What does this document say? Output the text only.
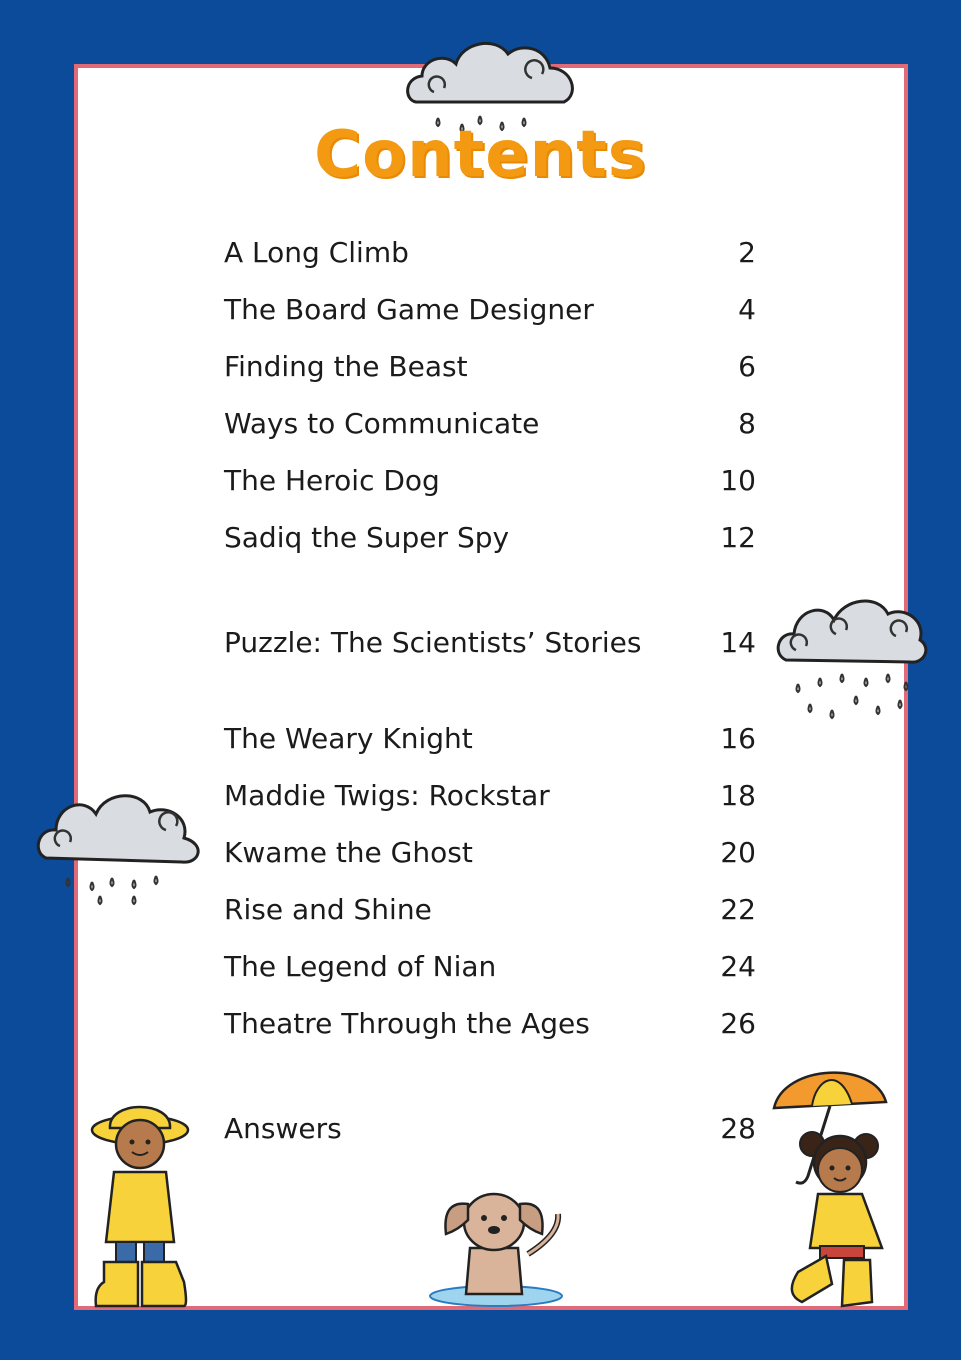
Contents
A Long Climb	2
The Board Game Designer	4
Finding the Beast	6
Ways to Communicate	8
The Heroic Dog	10
Sadiq the Super Spy	12
Puzzle: The Scientists’ Stories	14
The Weary Knight	16
Maddie Twigs: Rockstar	18
Kwame the Ghost	20
Rise and Shine	22
The Legend of Nian	24
Theatre Through the Ages	26
Answers	28
